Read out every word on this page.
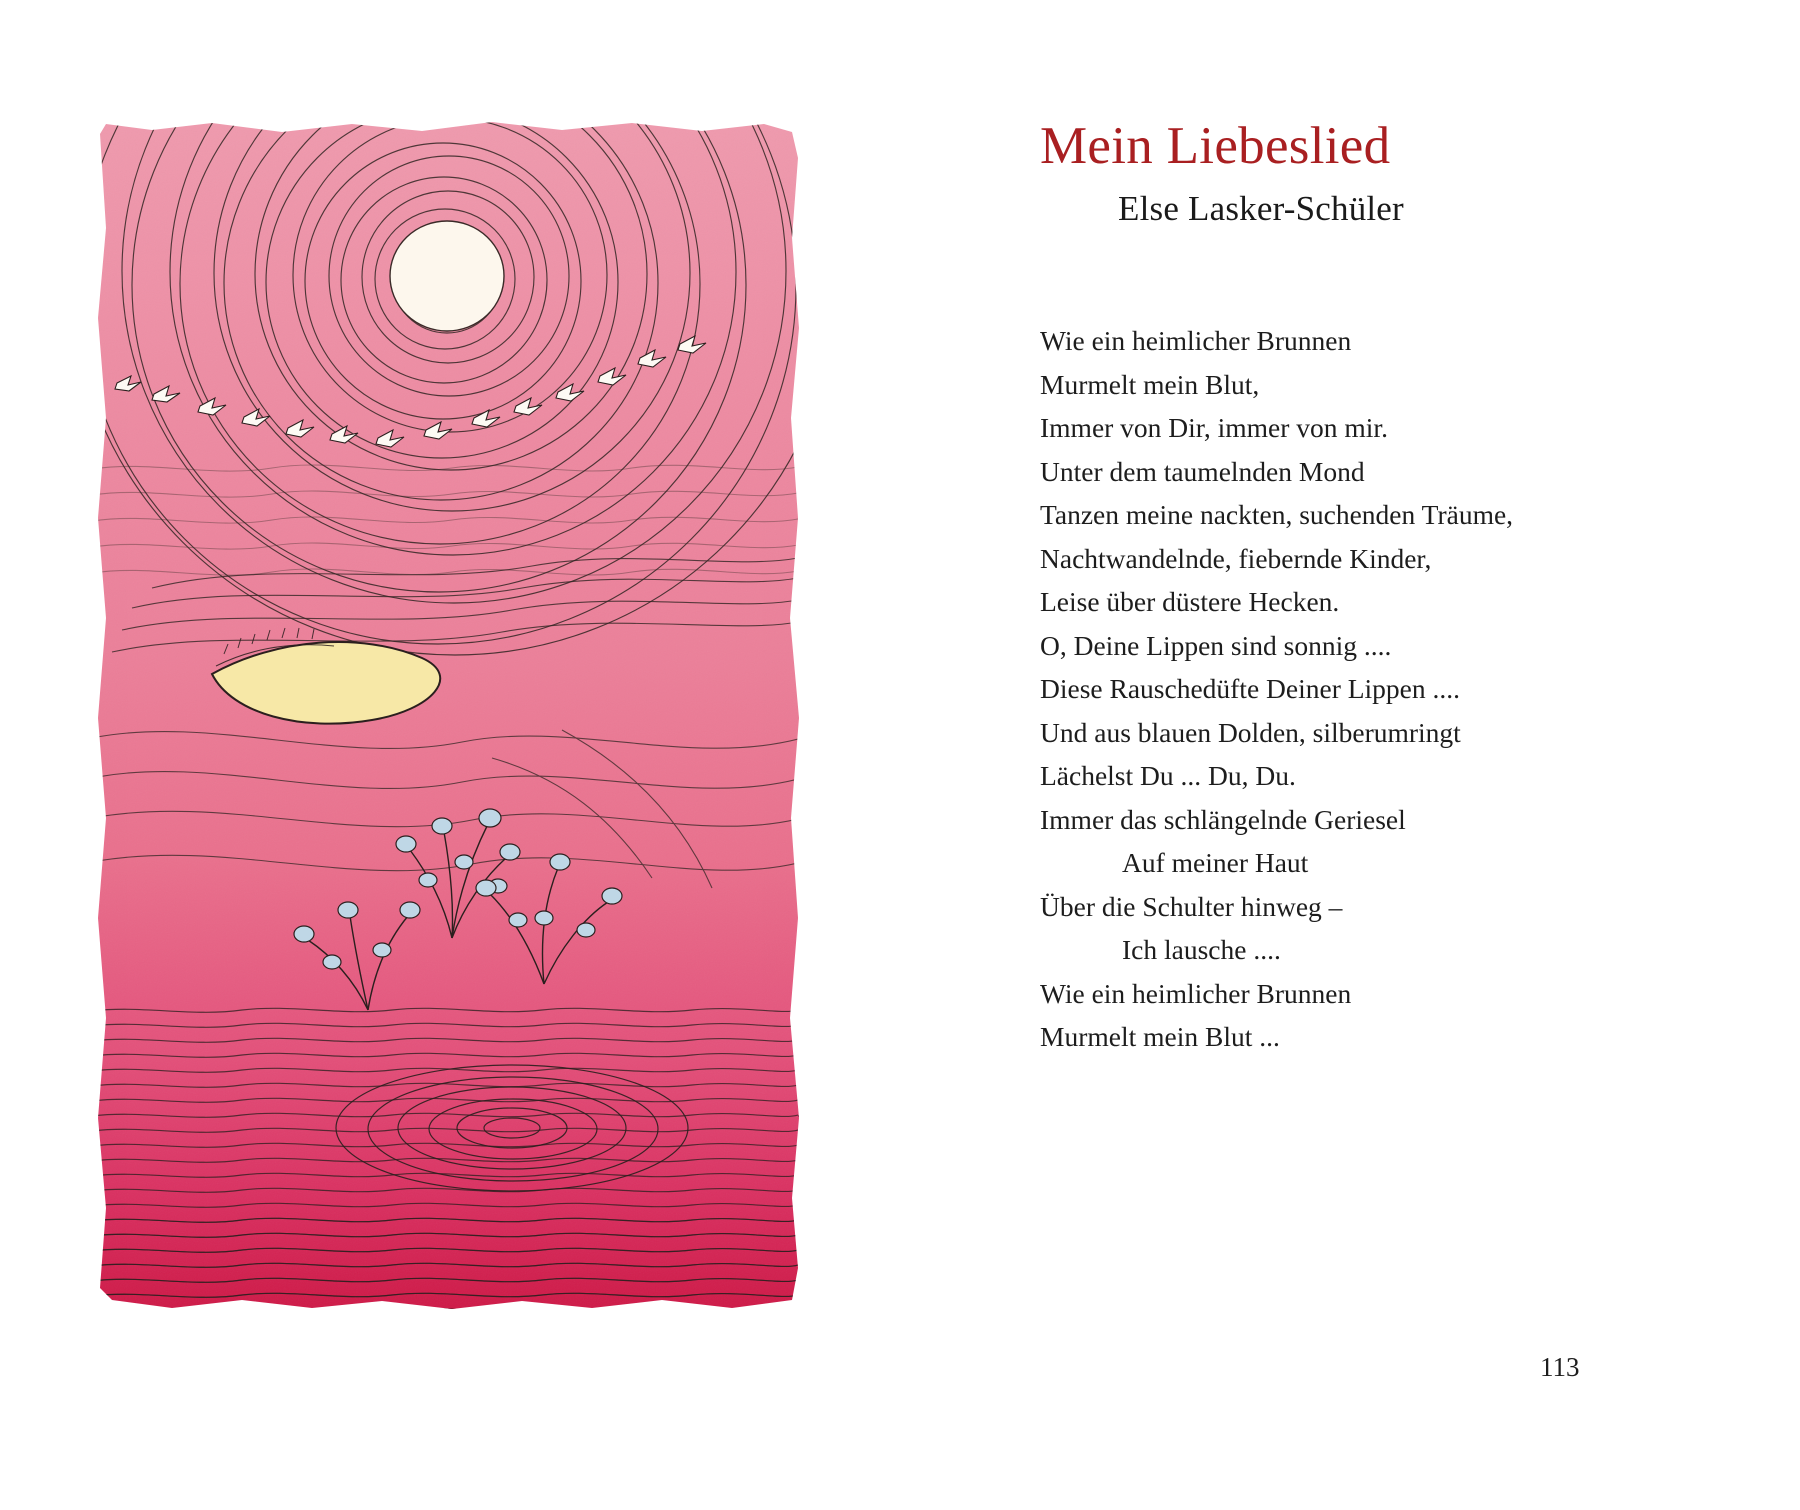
Mein Liebeslied
Else Lasker-Schüler
Wie ein heimlicher Brunnen
Murmelt mein Blut,
Immer von Dir, immer von mir.
Unter dem taumelnden Mond
Tanzen meine nackten, suchenden Träume,
Nachtwandelnde, fiebernde Kinder,
Leise über düstere Hecken.
O, Deine Lippen sind sonnig ....
Diese Rauschedüfte Deiner Lippen ....
Und aus blauen Dolden, silberumringt
Lächelst Du ... Du, Du.
Immer das schlängelnde Geriesel
Auf meiner Haut
Über die Schulter hinweg –
Ich lausche ....
Wie ein heimlicher Brunnen
Murmelt mein Blut ...
113
